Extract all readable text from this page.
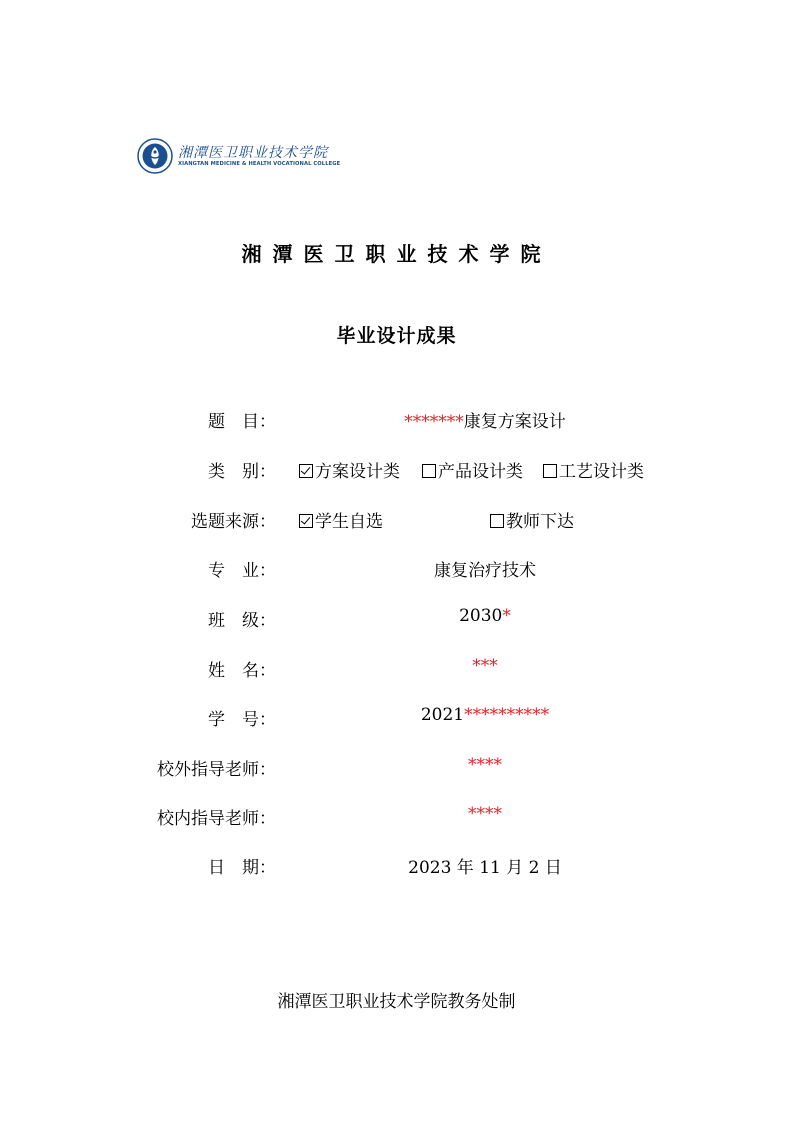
湘潭医卫职业技术学院
XIANGTAN MEDICINE & HEALTH VOCATIONAL COLLEGE
湘潭医卫职业技术学院
毕业设计成果
题　目：	*******康复方案设计
类　别：	方案设计类	产品设计类	工艺设计类
选题来源：	学生自选	教师下达
专　业：	康复治疗技术
班　级：	2030*
姓　名：	***
学　号：	2021**********
校外指导老师：	****
校内指导老师：	****
日　期：	2023 年 11 月 2 日
湘潭医卫职业技术学院教务处制
